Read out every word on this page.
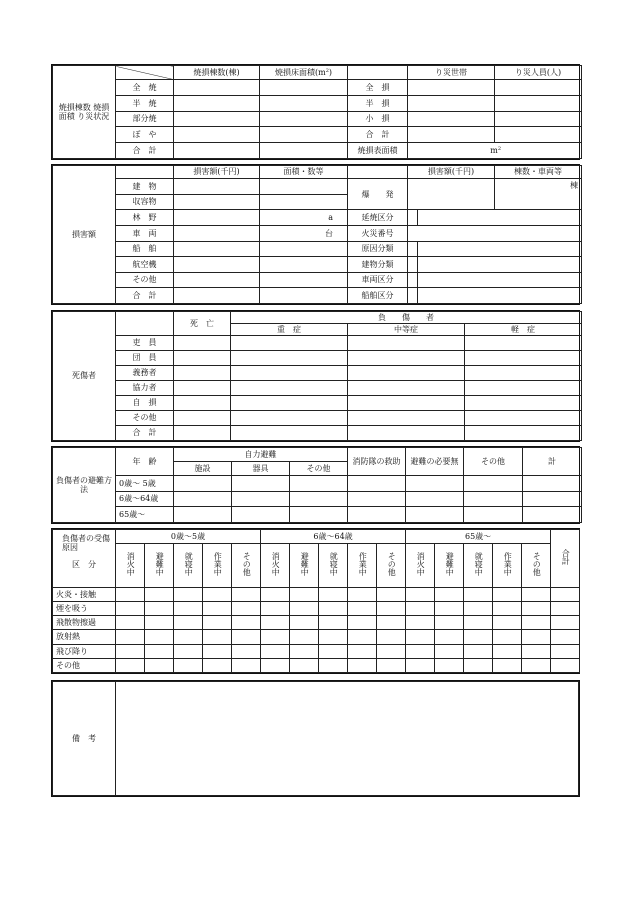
焼損棟数 焼損面積 り災状況		焼損棟数(棟)	焼損床面積$(m^2)$		り災世帯	り災人員(人)
	全　焼			全　損		
	半　焼			半　損		
	部分焼			小　損		
	ぼ　や			合　計		
	合　計			焼損表面積	$m^2$
損害額		損害額(千円)	面積・数等		損害額(千円)		棟数・車両等
	建　物			爆　　発			棟
	収容物						
	林　野		a	延焼区分			
	車　両		台	火災番号			
	船　舶			原因分類			
	航空機			建物分類			
	その他			車両区分			
	合　計			船舶区分			
死傷者		死　亡	負　　傷　　者		
			重　症	中等症	軽　症
	吏　員				
	団　員				
	義務者				
	協力者				
	自　損				
	その他				
	合　計				
負傷者の避難方法	年　齢	自力避難			消防隊の救助	避難の必要無	その他	計
		施設	器具	その他				
	0歳～ 5歳							
	6歳～64歳							
	65歳～							
負傷者の受傷原因
区　分	0歳～5歳					6歳～64歳					65歳～					合計
	消火中	避難中	就寝中	作業中	その他	消火中	避難中	就寝中	作業中	その他	消火中	避難中	就寝中	作業中	その他	
火炎・接触																
煙を吸う																
飛散物擦過																
放射熱																
飛び降り																
その他																
備　考	
